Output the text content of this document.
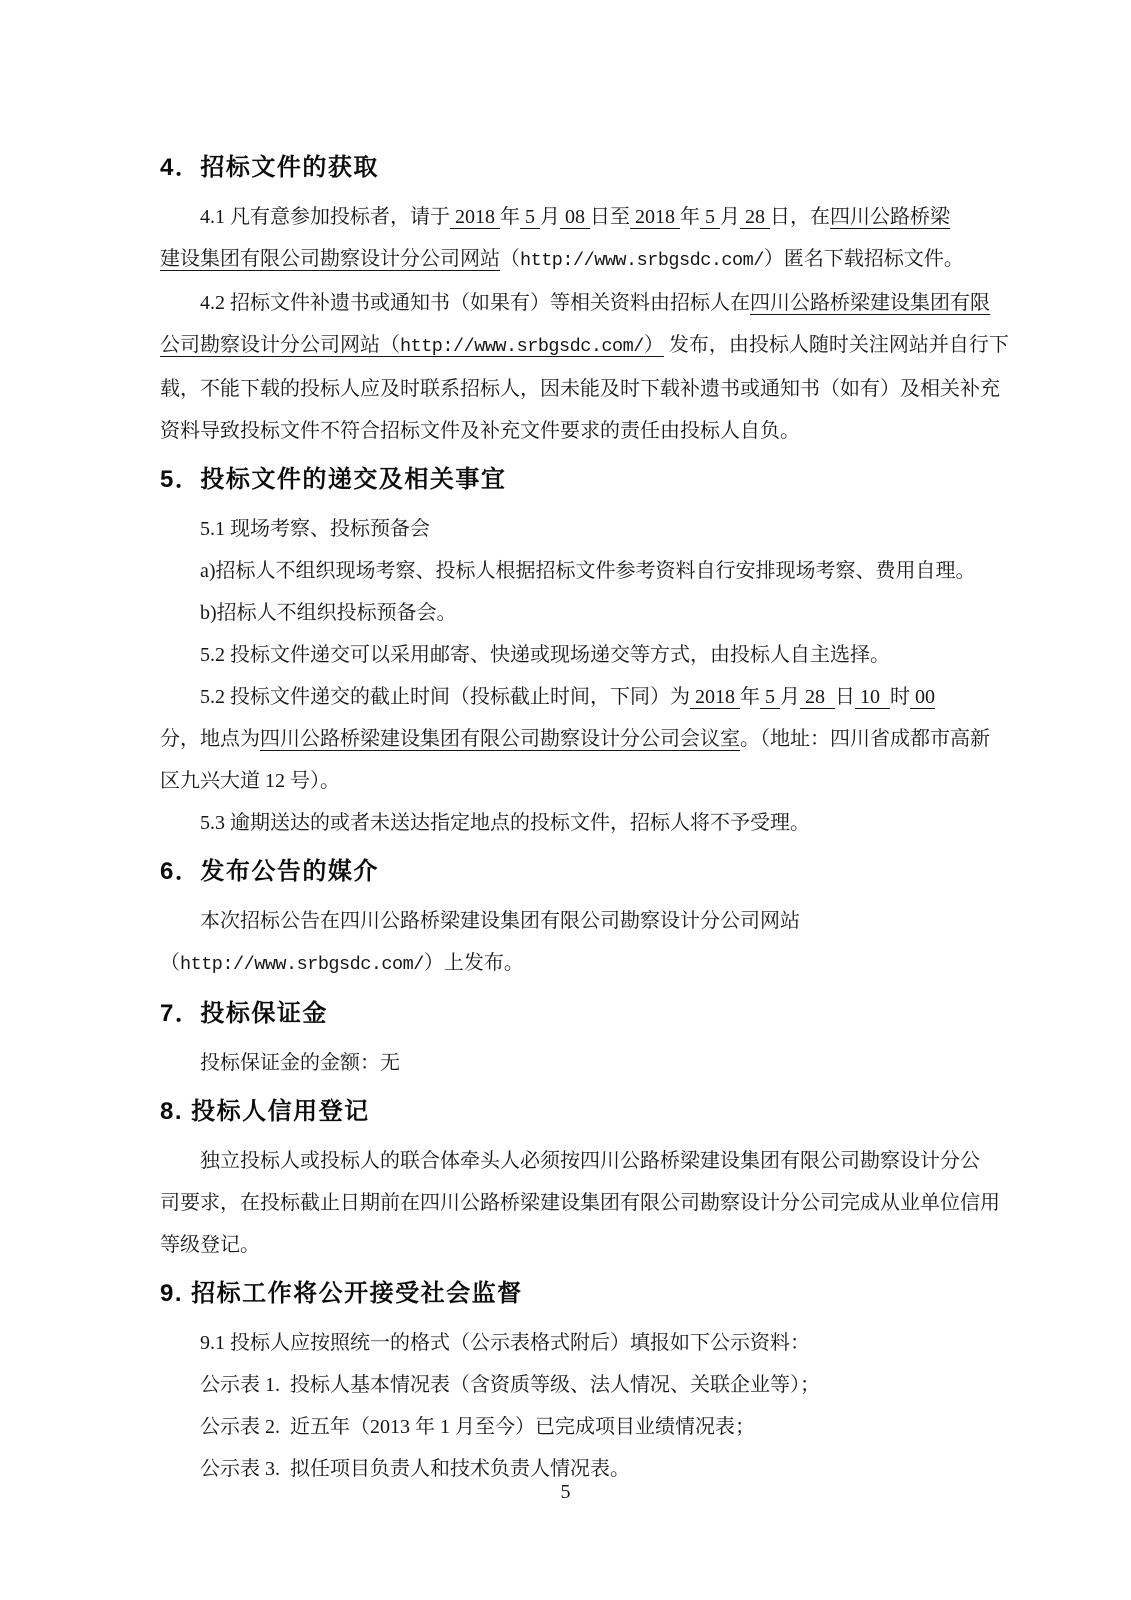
4．招标文件的获取
4.1 凡有意参加投标者，请于 2018 年 5 月 08 日至 2018 年 5 月 28 日，在四川公路桥梁
建设集团有限公司勘察设计分公司网站（http://www.srbgsdc.com/）匿名下载招标文件。
4.2 招标文件补遗书或通知书（如果有）等相关资料由招标人在四川公路桥梁建设集团有限
公司勘察设计分公司网站（http://www.srbgsdc.com/） 发布，由投标人随时关注网站并自行下
载，不能下载的投标人应及时联系招标人，因未能及时下载补遗书或通知书（如有）及相关补充
资料导致投标文件不符合招标文件及补充文件要求的责任由投标人自负。
5．投标文件的递交及相关事宜
5.1 现场考察、投标预备会
a)招标人不组织现场考察、投标人根据招标文件参考资料自行安排现场考察、费用自理。
b)招标人不组织投标预备会。
5.2 投标文件递交可以采用邮寄、快递或现场递交等方式，由投标人自主选择。
5.2 投标文件递交的截止时间（投标截止时间，下同）为 2018 年 5 月 28  日 10  时 00
分，地点为四川公路桥梁建设集团有限公司勘察设计分公司会议室。（地址：四川省成都市高新
区九兴大道 12 号）。
5.3 逾期送达的或者未送达指定地点的投标文件，招标人将不予受理。
6．发布公告的媒介
本次招标公告在四川公路桥梁建设集团有限公司勘察设计分公司网站
（http://www.srbgsdc.com/）上发布。
7．投标保证金
投标保证金的金额：无
8. 投标人信用登记
独立投标人或投标人的联合体牵头人必须按四川公路桥梁建设集团有限公司勘察设计分公
司要求，在投标截止日期前在四川公路桥梁建设集团有限公司勘察设计分公司完成从业单位信用
等级登记。
9. 招标工作将公开接受社会监督
9.1 投标人应按照统一的格式（公示表格式附后）填报如下公示资料：
公示表 1.  投标人基本情况表（含资质等级、法人情况、关联企业等）；
公示表 2.  近五年（2013 年 1 月至今）已完成项目业绩情况表；
公示表 3.  拟任项目负责人和技术负责人情况表。
5
